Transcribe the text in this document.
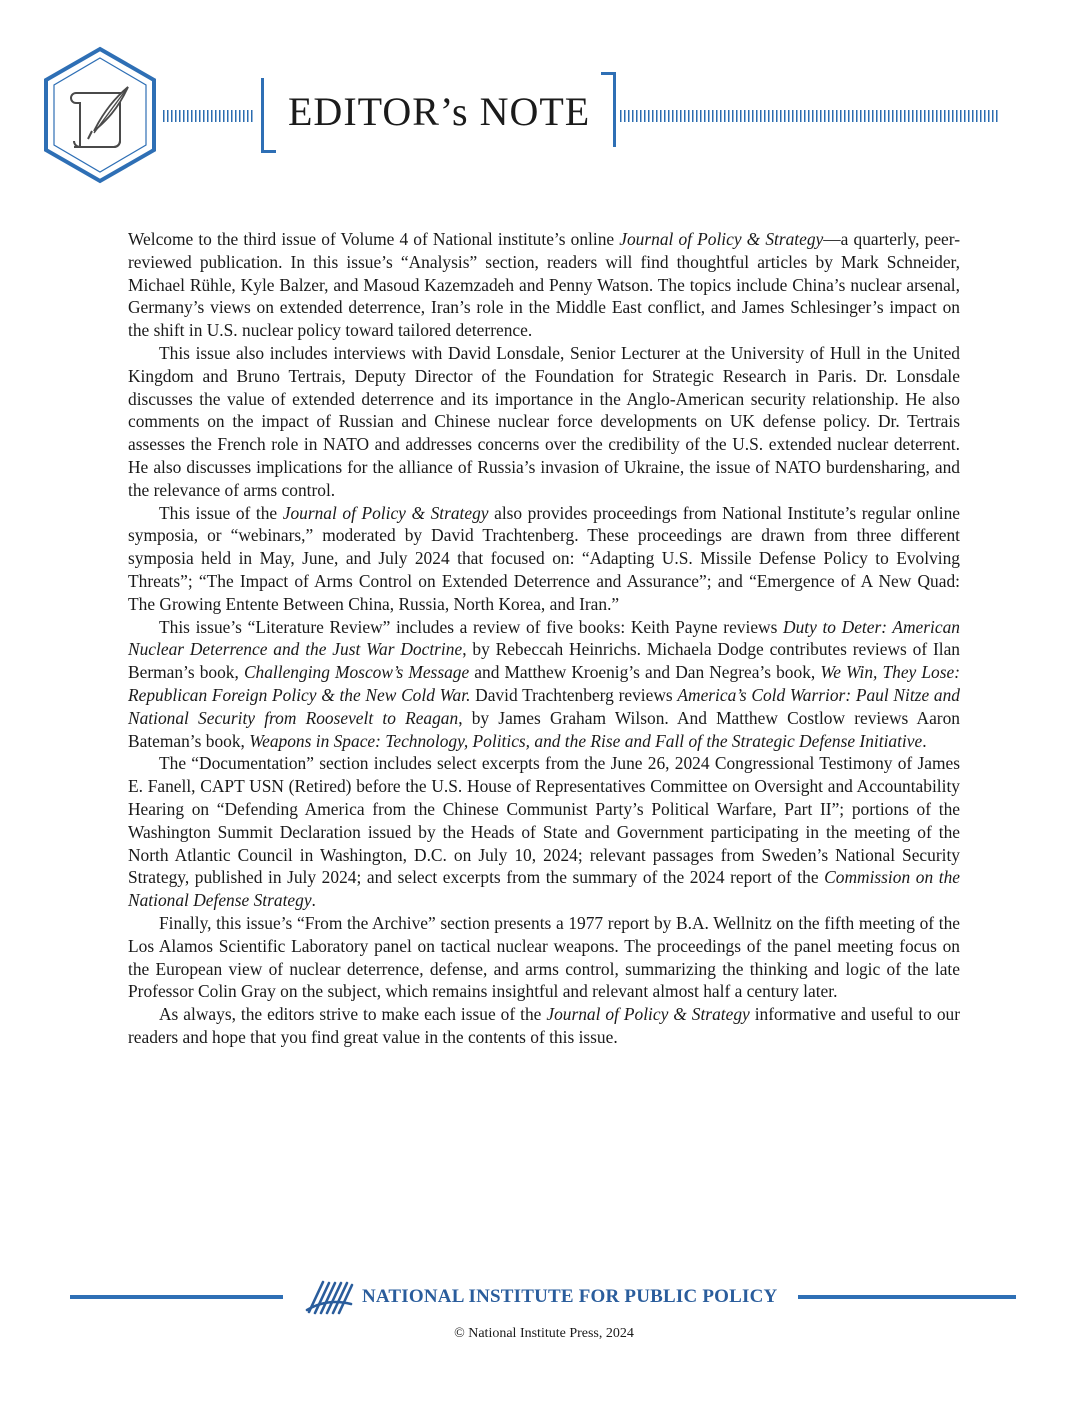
EDITOR’s NOTE

Welcome to the third issue of Volume 4 of National institute’s online Journal of Policy & Strategy—a quarterly, peer-reviewed publication. In this issue’s “Analysis” section, readers will find thoughtful articles by Mark Schneider, Michael Rühle, Kyle Balzer, and Masoud Kazemzadeh and Penny Watson. The topics include China’s nuclear arsenal, Germany’s views on extended deterrence, Iran’s role in the Middle East conflict, and James Schlesinger’s impact on the shift in U.S. nuclear policy toward tailored deterrence.

This issue also includes interviews with David Lonsdale, Senior Lecturer at the University of Hull in the United Kingdom and Bruno Tertrais, Deputy Director of the Foundation for Strategic Research in Paris. Dr. Lonsdale discusses the value of extended deterrence and its importance in the Anglo-American security relationship. He also comments on the impact of Russian and Chinese nuclear force developments on UK defense policy. Dr. Tertrais assesses the French role in NATO and addresses concerns over the credibility of the U.S. extended nuclear deterrent. He also discusses implications for the alliance of Russia’s invasion of Ukraine, the issue of NATO burdensharing, and the relevance of arms control.

This issue of the Journal of Policy & Strategy also provides proceedings from National Institute’s regular online symposia, or “webinars,” moderated by David Trachtenberg. These proceedings are drawn from three different symposia held in May, June, and July 2024 that focused on: “Adapting U.S. Missile Defense Policy to Evolving Threats”; “The Impact of Arms Control on Extended Deterrence and Assurance”; and “Emergence of A New Quad: The Growing Entente Between China, Russia, North Korea, and Iran.”

This issue’s “Literature Review” includes a review of five books: Keith Payne reviews Duty to Deter: American Nuclear Deterrence and the Just War Doctrine, by Rebeccah Heinrichs. Michaela Dodge contributes reviews of Ilan Berman’s book, Challenging Moscow’s Message and Matthew Kroenig’s and Dan Negrea’s book, We Win, They Lose: Republican Foreign Policy & the New Cold War. David Trachtenberg reviews America’s Cold Warrior: Paul Nitze and National Security from Roosevelt to Reagan, by James Graham Wilson. And Matthew Costlow reviews Aaron Bateman’s book, Weapons in Space: Technology, Politics, and the Rise and Fall of the Strategic Defense Initiative.

The “Documentation” section includes select excerpts from the June 26, 2024 Congressional Testimony of James E. Fanell, CAPT USN (Retired) before the U.S. House of Representatives Committee on Oversight and Accountability Hearing on “Defending America from the Chinese Communist Party’s Political Warfare, Part II”; portions of the Washington Summit Declaration issued by the Heads of State and Government participating in the meeting of the North Atlantic Council in Washington, D.C. on July 10, 2024; relevant passages from Sweden’s National Security Strategy, published in July 2024; and select excerpts from the summary of the 2024 report of the Commission on the National Defense Strategy.

Finally, this issue’s “From the Archive” section presents a 1977 report by B.A. Wellnitz on the fifth meeting of the Los Alamos Scientific Laboratory panel on tactical nuclear weapons. The proceedings of the panel meeting focus on the European view of nuclear deterrence, defense, and arms control, summarizing the thinking and logic of the late Professor Colin Gray on the subject, which remains insightful and relevant almost half a century later.

As always, the editors strive to make each issue of the Journal of Policy & Strategy informative and useful to our readers and hope that you find great value in the contents of this issue.

NATIONAL INSTITUTE FOR PUBLIC POLICY
© National Institute Press, 2024
